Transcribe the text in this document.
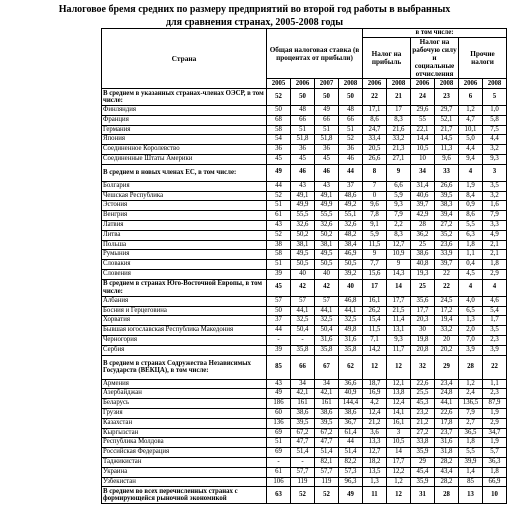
Налоговое бремя средних по размеру предприятий во второй год работы в выбранных
для сравнения странах, 2005-2008 годы
Страна	Общая налоговая ставка (в процентах от прибыли)				в том числе:					
					Налог на прибыль		Налог на рабочую силу и социальные отчисления		Прочие налоги	
	2005	2006	2007	2008	2006	2008	2006	2008	2006	2008
В среднем в указанных странах-членах ОЭСР, в том числе:	52	50	50	50	22	21	24	23	6	5
Финляндия	50	48	49	48	17,1	17	29,6	29,7	1,2	1,0
Франция	68	66	66	66	8,6	8,3	55	52,1	4,7	5,8
Германия	58	51	51	51	24,7	21,6	22,1	21,7	10,1	7,5
Япония	54	51,8	51,8	52	33,4	33,2	14,4	14,5	5,0	4,4
Соединенное Королевство	36	36	36	36	20,5	21,3	10,5	11,3	4,4	3,2
Соединенные Штаты Америки	45	45	45	46	26,6	27,1	10	9,6	9,4	9,3
В среднем в новых членах ЕС, в том числе:	49	46	46	44	8	9	34	33	4	3
Болгария	44	43	43	37	7	6,6	31,4	26,6	1,9	3,5
Чешская Республика	52	49,1	49,1	48,6	0	5,9	40,6	39,5	8,4	3,2
Эстония	51	49,9	49,9	49,2	9,6	9,3	39,7	38,3	0,9	1,6
Венгрия	61	55,5	55,5	55,1	7,8	7,9	42,9	39,4	8,6	7,9
Латвия	43	32,6	32,6	32,6	9,1	2,2	28	27,2	5,5	3,3
Литва	52	50,2	50,2	48,2	5,9	8,3	36,2	35,2	6,3	4,9
Польша	38	38,1	38,1	38,4	11,5	12,7	25	23,6	1,8	2,1
Румыния	58	49,5	49,5	46,9	9	10,9	38,6	33,9	1,1	2,1
Словакия	51	50,5	50,5	50,5	7,7	9	40,8	39,7	0,4	1,8
Словения	39	40	40	39,2	15,6	14,3	19,3	22	4,5	2,9
В среднем в странах Юго-Восточной Европы, в том числе:	45	42	42	40	17	14	25	22	4	4
Албания	57	57	57	46,8	16,1	17,7	35,6	24,5	4,0	4,6
Босния и Герцеговина	50	44,1	44,1	44,1	26,2	21,5	17,7	17,2	6,5	5,4
Хорватия	37	32,5	32,5	32,5	15,4	11,4	20,3	19,4	1,3	1,7
Бывшая югославская Республика Македония	44	50,4	50,4	49,8	11,5	13,1	30	33,2	2,0	3,5
Черногория	-	-	31,6	31,6	7,1	9,3	19,8	20	7,0	2,3
Сербия	39	35,8	35,8	35,8	14,2	11,7	20,8	20,2	3,9	3,9
В среднем в странах Содружества Независимых Государств (ВЕКЦА), в том числе:	85	66	67	62	12	12	32	29	28	22
Армения	43	34	34	36,6	18,7	12,1	22,6	23,4	1,2	1,1
Азербайджан	49	42,1	42,1	40,9	16,9	13,8	25,5	24,8	2,4	2,3
Беларусь	186	161	161	144,4	4,2	12,4	45,3	44,1	136,5	87,9
Грузия	60	38,6	38,6	38,6	12,4	14,1	23,2	22,6	7,9	1,9
Казахстан	136	39,5	39,5	36,7	21,2	16,1	21,2	17,8	2,7	2,9
Кыргызстан	69	67,2	67,2	61,4	3,6	3	27,2	23,7	36,5	34,7
Республика Молдова	51	47,7	47,7	44	13,3	10,5	33,8	31,6	1,8	1,9
Российская Федерация	69	51,4	51,4	51,4	12,7	14	35,9	31,8	5,5	5,7
Таджикистан	-	-	82,1	82,2	18,2	17,7	29	28,2	39,9	36,3
Украина	61	57,7	57,7	57,3	13,5	12,2	45,4	43,4	1,4	1,8
Узбекистан	106	119	119	96,3	1,3	1,2	35,9	28,2	85	66,9
В среднем во всех перечисленных странах с формирующейся рыночной экономикой	63	52	52	49	11	12	31	28	13	10
